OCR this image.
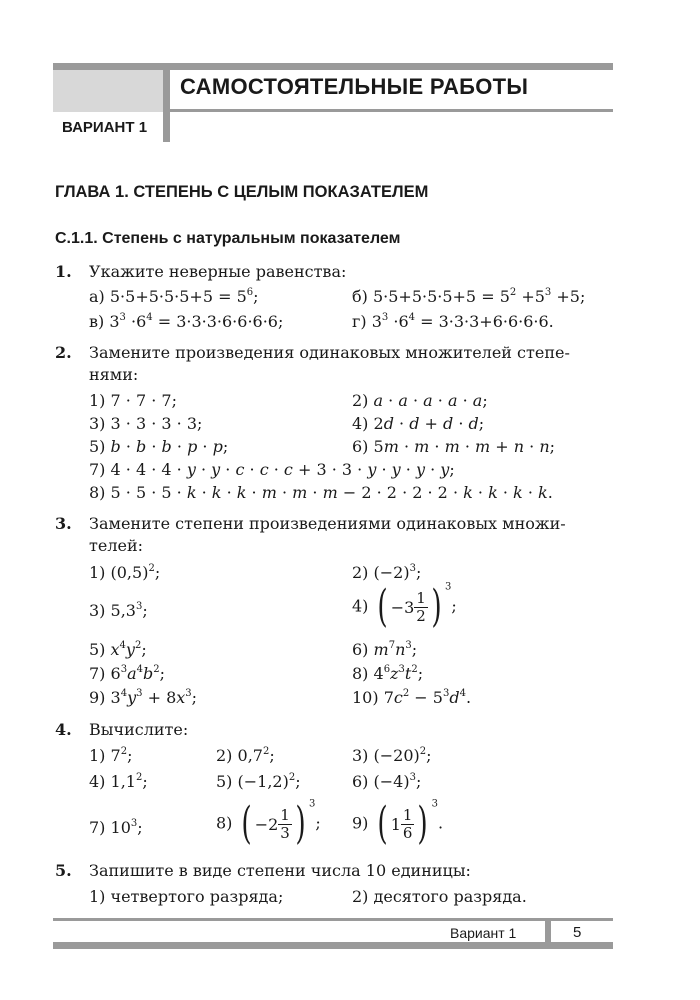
САМОСТОЯТЕЛЬНЫЕ РАБОТЫ
ВАРИАНТ 1
ГЛАВА 1. СТЕПЕНЬ С ЦЕЛЫМ ПОКАЗАТЕЛЕМ
С.1.1. Степень с натуральным показателем
1. Укажите неверные равенства:
а) $5\cdot 5+5\cdot 5\cdot 5+5 = 5^6$;	б) $5\cdot 5+5\cdot 5\cdot 5+5 = 5^2 +5^3 +5$;
в) $3^3 \cdot 6^4 = 3\cdot 3\cdot 3\cdot 6\cdot 6\cdot 6\cdot 6$;	г) $3^3 \cdot 6^4 = 3\cdot 3\cdot 3+6\cdot 6\cdot 6\cdot 6$.
2. Замените произведения одинаковых множителей степе-
нями:
1) 7 · 7 · 7;	2) a · a · a · a · a;
3) 3 · 3 · 3 · 3;	4) 2d · d + d · d;
5) b · b · b · p · p;	6) 5m · m · m · m + n · n;
7) 4 · 4 · 4 · y · y · c · c · c + 3 · 3 · y · y · y · y;
8) 5 · 5 · 5 · k · k · k · m · m · m − 2 · 2 · 2 · 2 · k · k · k · k.
3. Замените степени произведениями одинаковых множи-
телей:
1) $(0,5)^2$;	2) $(-2)^3$;
3) $5,3^3$;	4) ( $-3 \frac{1}{2}$ ) $^3$;
5) $x^4y^2$;	6) $m^7n^3$;
7) $6^3a^4b^2$;	8) $4^6z^3t^2$;
9) $3^4y^3 + 8x^3$;	10) $7c^2 - 5^3d^4$.
4. Вычислите:
1) $7^2$;	2) $0,7^2$;	3) $(-20)^2$;
4) $1,1^2$;	5) $(-1,2)^2$;	6) $(-4)^3$;
7) $10^3$;	8) ( $-2 \frac{1}{3}$ ) $^3$; 9) ( $1 \frac{1}{6}$ ) $^3$.
5. Запишите в виде степени числа 10 единицы:
1) четвертого разряда;	2) десятого разряда.
Вариант 1	5
